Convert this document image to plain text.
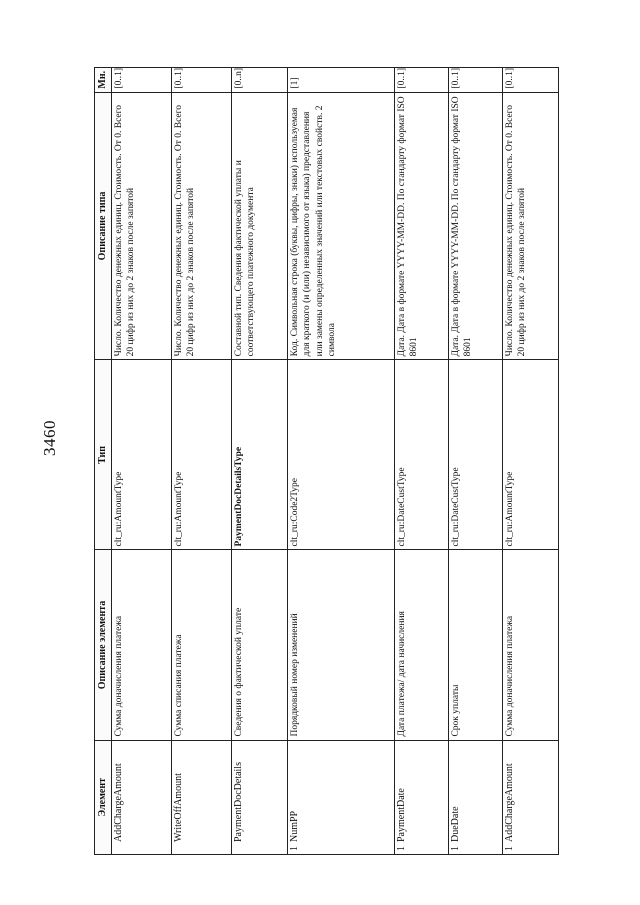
3460
Элемент	Описание элемента	Тип	Описание типа	Мн.
AddChargeAmount	Сумма доначисления платежа	clt_ru:AmountType	Число. Количество денежных единиц. Стоимость. От 0. Всего 20 цифр из них до 2 знаков после запятой	[0..1]
WriteOffAmount	Сумма списания платежа	clt_ru:AmountType	Число. Количество денежных единиц. Стоимость. От 0. Всего 20 цифр из них до 2 знаков после запятой	[0..1]
PaymentDocDetails	Сведения о фактической уплате	PaymentDocDetailsType	Составной тип. Сведения фактической уплаты и соответствующего платежного документа	[0..n]
1NumPP	Порядковый номер изменений	clt_ru:Code2Type	Код. Символьная строка (буквы, цифры, знаки) используемая для краткого (и (или) независимого от языка) представления или замены определенных значений или текстовых свойств. 2 символа	[1]
1PaymentDate	Дата платежа/ дата начисления	clt_ru:DateCustType	Дата. Дата в формате YYYY-MM-DD. По стандарту формат ISO 8601	[0..1]
1DueDate	Срок уплаты	clt_ru:DateCustType	Дата. Дата в формате YYYY-MM-DD. По стандарту формат ISO 8601	[0..1]
1AddChargeAmount	Сумма доначисления платежа	clt_ru:AmountType	Число. Количество денежных единиц. Стоимость. От 0. Всего 20 цифр из них до 2 знаков после запятой	[0..1]
